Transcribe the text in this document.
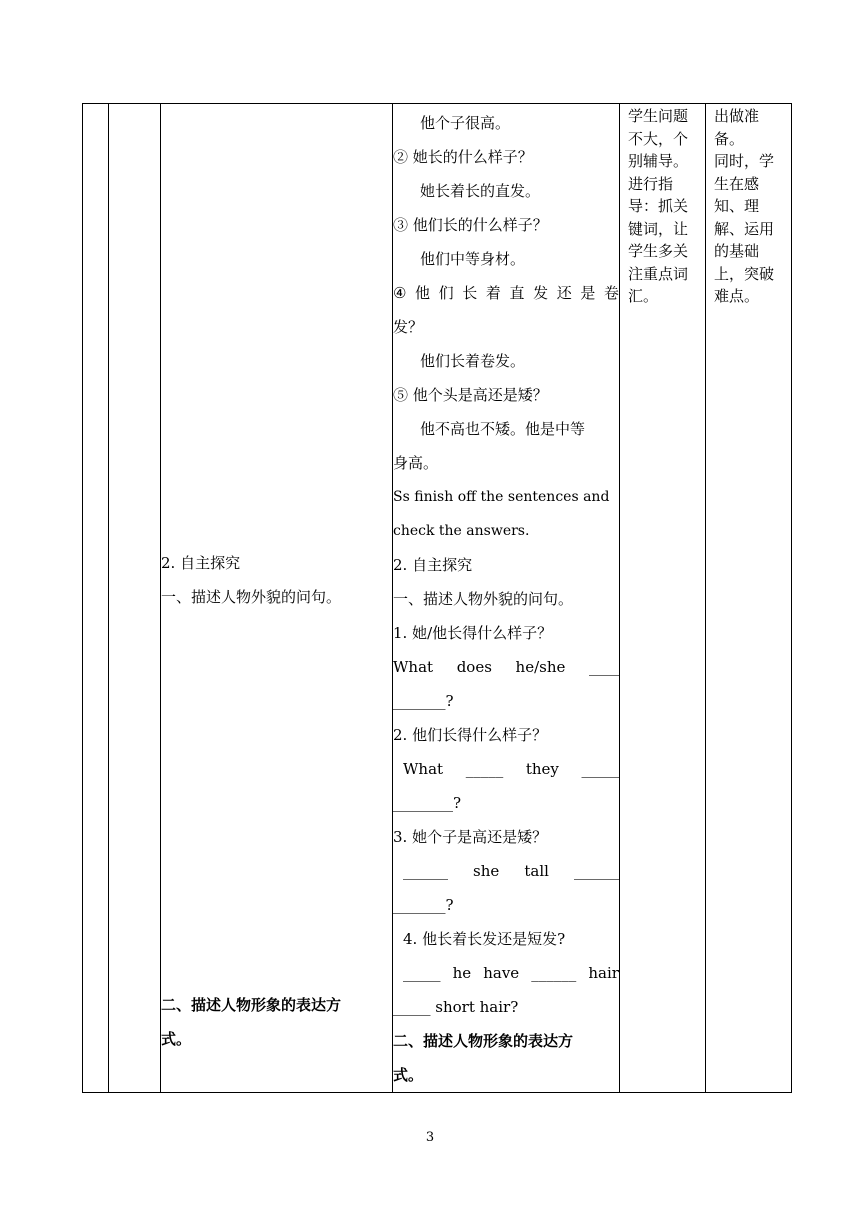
2. 自主探究
一、描述人物外貌的问句。
二、描述人物形象的表达方
式。

他个子很高。
② 她长的什么样子？
她长着长的直发。
③ 他们长的什么样子？
他们中等身材。
④ 他 们 长 着 直 发 还 是 卷
发？
他们长着卷发。
⑤ 他个头是高还是矮？
他不高也不矮。他是中等
身高。
Ss finish off the sentences and
check the answers.
2. 自主探究
一、描述人物外貌的问句。
1. 她/他长得什么样子？
What does he/she ____
_______?
2. 他们长得什么样子？
What _____ they _____
________?
3. 她个子是高还是矮？
______ she tall ______
_______?
4. 他长着长发还是短发?
_____ he have ______ hair
_____ short hair?
二、描述人物形象的表达方
式。

学生问题
不大，个
别辅导。
进行指
导：抓关
键词，让
学生多关
注重点词
汇。

出做准
备。
同时，学
生在感
知、理
解、运用
的基础
上，突破
难点。
3
